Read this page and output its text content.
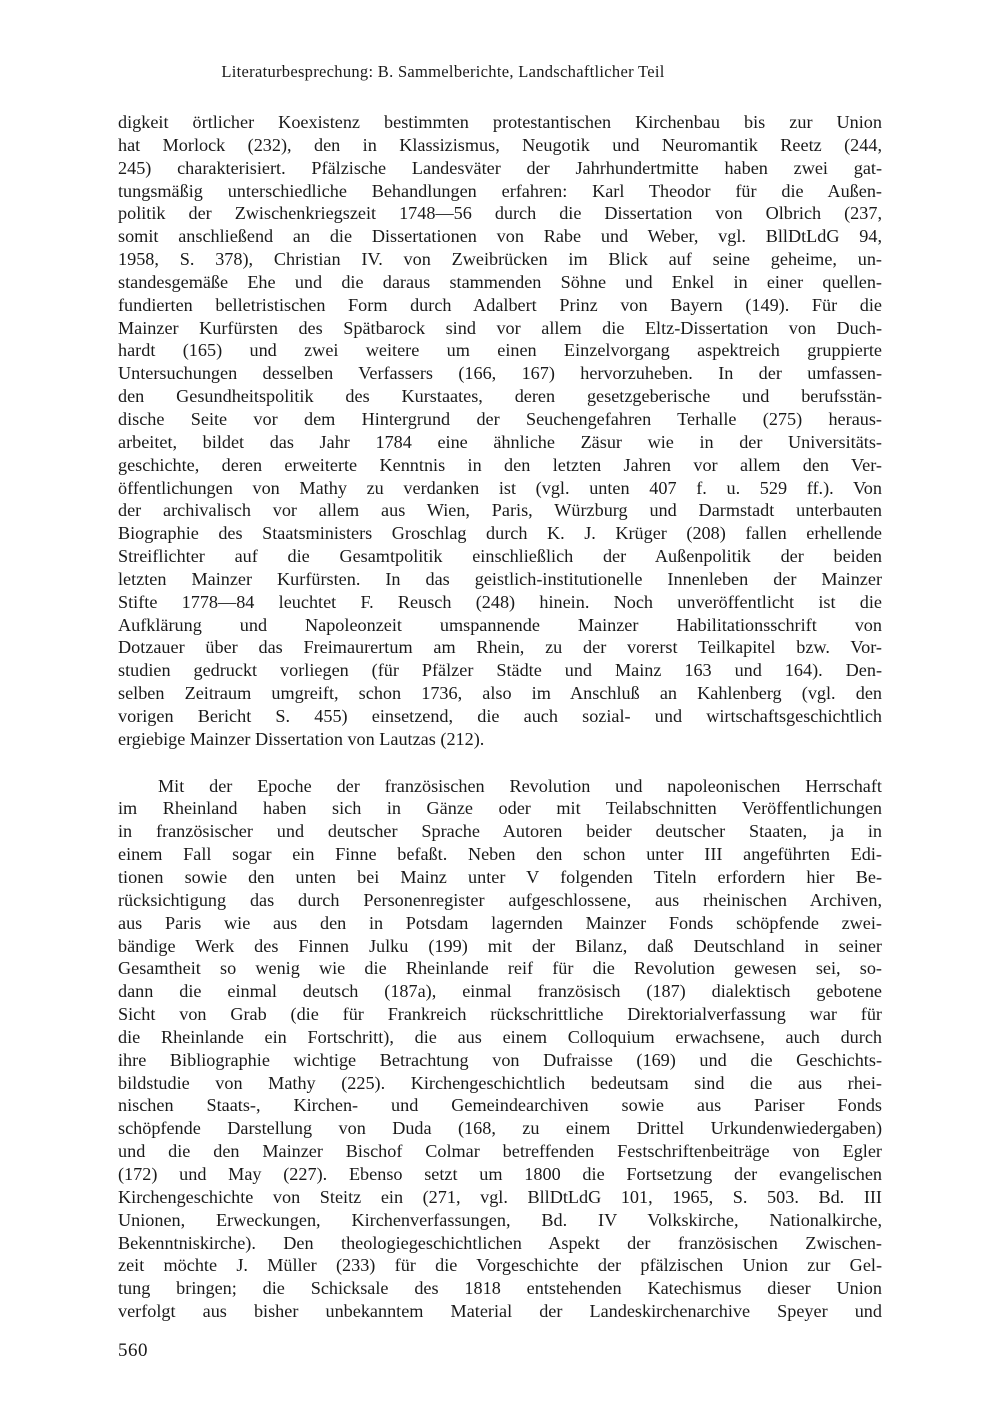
Literaturbesprechung: B. Sammelberichte, Landschaftlicher Teil
digkeit örtlicher Koexistenz bestimmten protestantischen Kirchenbau bis zur Union
hat Morlock (232), den in Klassizismus, Neugotik und Neuromantik Reetz (244,
245) charakterisiert. Pfälzische Landesväter der Jahrhundertmitte haben zwei gat-
tungsmäßig unterschiedliche Behandlungen erfahren: Karl Theodor für die Außen-
politik der Zwischenkriegszeit 1748—56 durch die Dissertation von Olbrich (237,
somit anschließend an die Dissertationen von Rabe und Weber, vgl. BllDtLdG 94,
1958, S. 378), Christian IV. von Zweibrücken im Blick auf seine geheime, un-
standesgemäße Ehe und die daraus stammenden Söhne und Enkel in einer quellen-
fundierten belletristischen Form durch Adalbert Prinz von Bayern (149). Für die
Mainzer Kurfürsten des Spätbarock sind vor allem die Eltz-Dissertation von Duch-
hardt (165) und zwei weitere um einen Einzelvorgang aspektreich gruppierte
Untersuchungen desselben Verfassers (166, 167) hervorzuheben. In der umfassen-
den Gesundheitspolitik des Kurstaates, deren gesetzgeberische und berufsstän-
dische Seite vor dem Hintergrund der Seuchengefahren Terhalle (275) heraus-
arbeitet, bildet das Jahr 1784 eine ähnliche Zäsur wie in der Universitäts-
geschichte, deren erweiterte Kenntnis in den letzten Jahren vor allem den Ver-
öffentlichungen von Mathy zu verdanken ist (vgl. unten 407 f. u. 529 ff.). Von
der archivalisch vor allem aus Wien, Paris, Würzburg und Darmstadt unterbauten
Biographie des Staatsministers Groschlag durch K. J. Krüger (208) fallen erhellende
Streiflichter auf die Gesamtpolitik einschließlich der Außenpolitik der beiden
letzten Mainzer Kurfürsten. In das geistlich-institutionelle Innenleben der Mainzer
Stifte 1778—84 leuchtet F. Reusch (248) hinein. Noch unveröffentlicht ist die
Aufklärung und Napoleonzeit umspannende Mainzer Habilitationsschrift von
Dotzauer über das Freimaurertum am Rhein, zu der vorerst Teilkapitel bzw. Vor-
studien gedruckt vorliegen (für Pfälzer Städte und Mainz 163 und 164). Den-
selben Zeitraum umgreift, schon 1736, also im Anschluß an Kahlenberg (vgl. den
vorigen Bericht S. 455) einsetzend, die auch sozial- und wirtschaftsgeschichtlich
ergiebige Mainzer Dissertation von Lautzas (212).
Mit der Epoche der französischen Revolution und napoleonischen Herrschaft
im Rheinland haben sich in Gänze oder mit Teilabschnitten Veröffentlichungen
in französischer und deutscher Sprache Autoren beider deutscher Staaten, ja in
einem Fall sogar ein Finne befaßt. Neben den schon unter III angeführten Edi-
tionen sowie den unten bei Mainz unter V folgenden Titeln erfordern hier Be-
rücksichtigung das durch Personenregister aufgeschlossene, aus rheinischen Archiven,
aus Paris wie aus den in Potsdam lagernden Mainzer Fonds schöpfende zwei-
bändige Werk des Finnen Julku (199) mit der Bilanz, daß Deutschland in seiner
Gesamtheit so wenig wie die Rheinlande reif für die Revolution gewesen sei, so-
dann die einmal deutsch (187a), einmal französisch (187) dialektisch gebotene
Sicht von Grab (die für Frankreich rückschrittliche Direktorialverfassung war für
die Rheinlande ein Fortschritt), die aus einem Colloquium erwachsene, auch durch
ihre Bibliographie wichtige Betrachtung von Dufraisse (169) und die Geschichts-
bildstudie von Mathy (225). Kirchengeschichtlich bedeutsam sind die aus rhei-
nischen Staats-, Kirchen- und Gemeindearchiven sowie aus Pariser Fonds
schöpfende Darstellung von Duda (168, zu einem Drittel Urkundenwiedergaben)
und die den Mainzer Bischof Colmar betreffenden Festschriftenbeiträge von Egler
(172) und May (227). Ebenso setzt um 1800 die Fortsetzung der evangelischen
Kirchengeschichte von Steitz ein (271, vgl. BllDtLdG 101, 1965, S. 503. Bd. III
Unionen, Erweckungen, Kirchenverfassungen, Bd. IV Volkskirche, Nationalkirche,
Bekenntniskirche). Den theologiegeschichtlichen Aspekt der französischen Zwischen-
zeit möchte J. Müller (233) für die Vorgeschichte der pfälzischen Union zur Gel-
tung bringen; die Schicksale des 1818 entstehenden Katechismus dieser Union
verfolgt aus bisher unbekanntem Material der Landeskirchenarchive Speyer und
560
